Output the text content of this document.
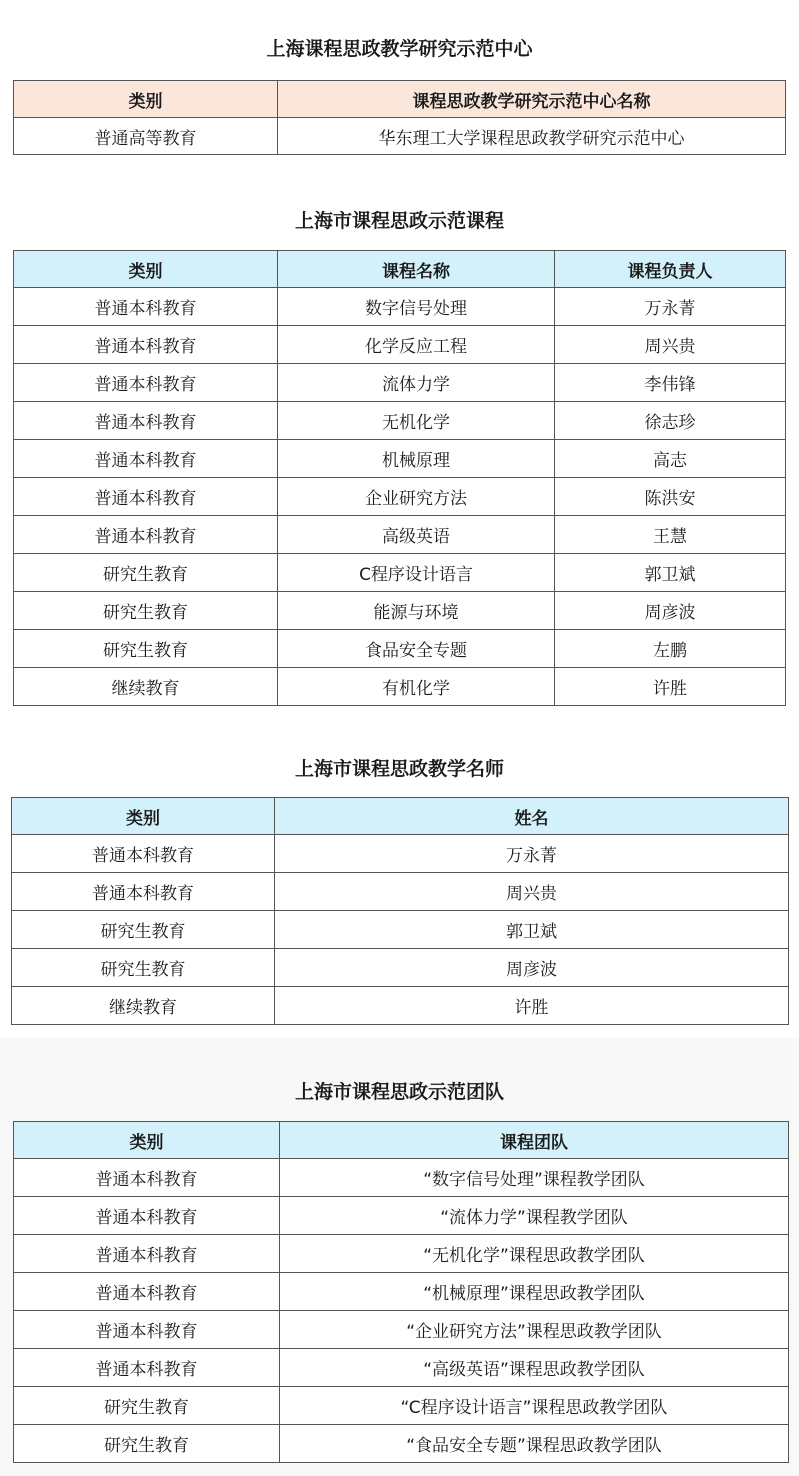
上海课程思政教学研究示范中心
类别	课程思政教学研究示范中心名称
普通高等教育	华东理工大学课程思政教学研究示范中心
上海市课程思政示范课程
类别	课程名称	课程负责人
普通本科教育	数字信号处理	万永菁
普通本科教育	化学反应工程	周兴贵
普通本科教育	流体力学	李伟锋
普通本科教育	无机化学	徐志珍
普通本科教育	机械原理	高志
普通本科教育	企业研究方法	陈洪安
普通本科教育	高级英语	王慧
研究生教育	C程序设计语言	郭卫斌
研究生教育	能源与环境	周彦波
研究生教育	食品安全专题	左鹏
继续教育	有机化学	许胜
上海市课程思政教学名师
类别	姓名
普通本科教育	万永菁
普通本科教育	周兴贵
研究生教育	郭卫斌
研究生教育	周彦波
继续教育	许胜
上海市课程思政示范团队
类别	课程团队
普通本科教育	“数字信号处理”课程教学团队
普通本科教育	“流体力学”课程教学团队
普通本科教育	“无机化学”课程思政教学团队
普通本科教育	“机械原理”课程思政教学团队
普通本科教育	“企业研究方法”课程思政教学团队
普通本科教育	“高级英语”课程思政教学团队
研究生教育	“C程序设计语言”课程思政教学团队
研究生教育	“食品安全专题”课程思政教学团队
